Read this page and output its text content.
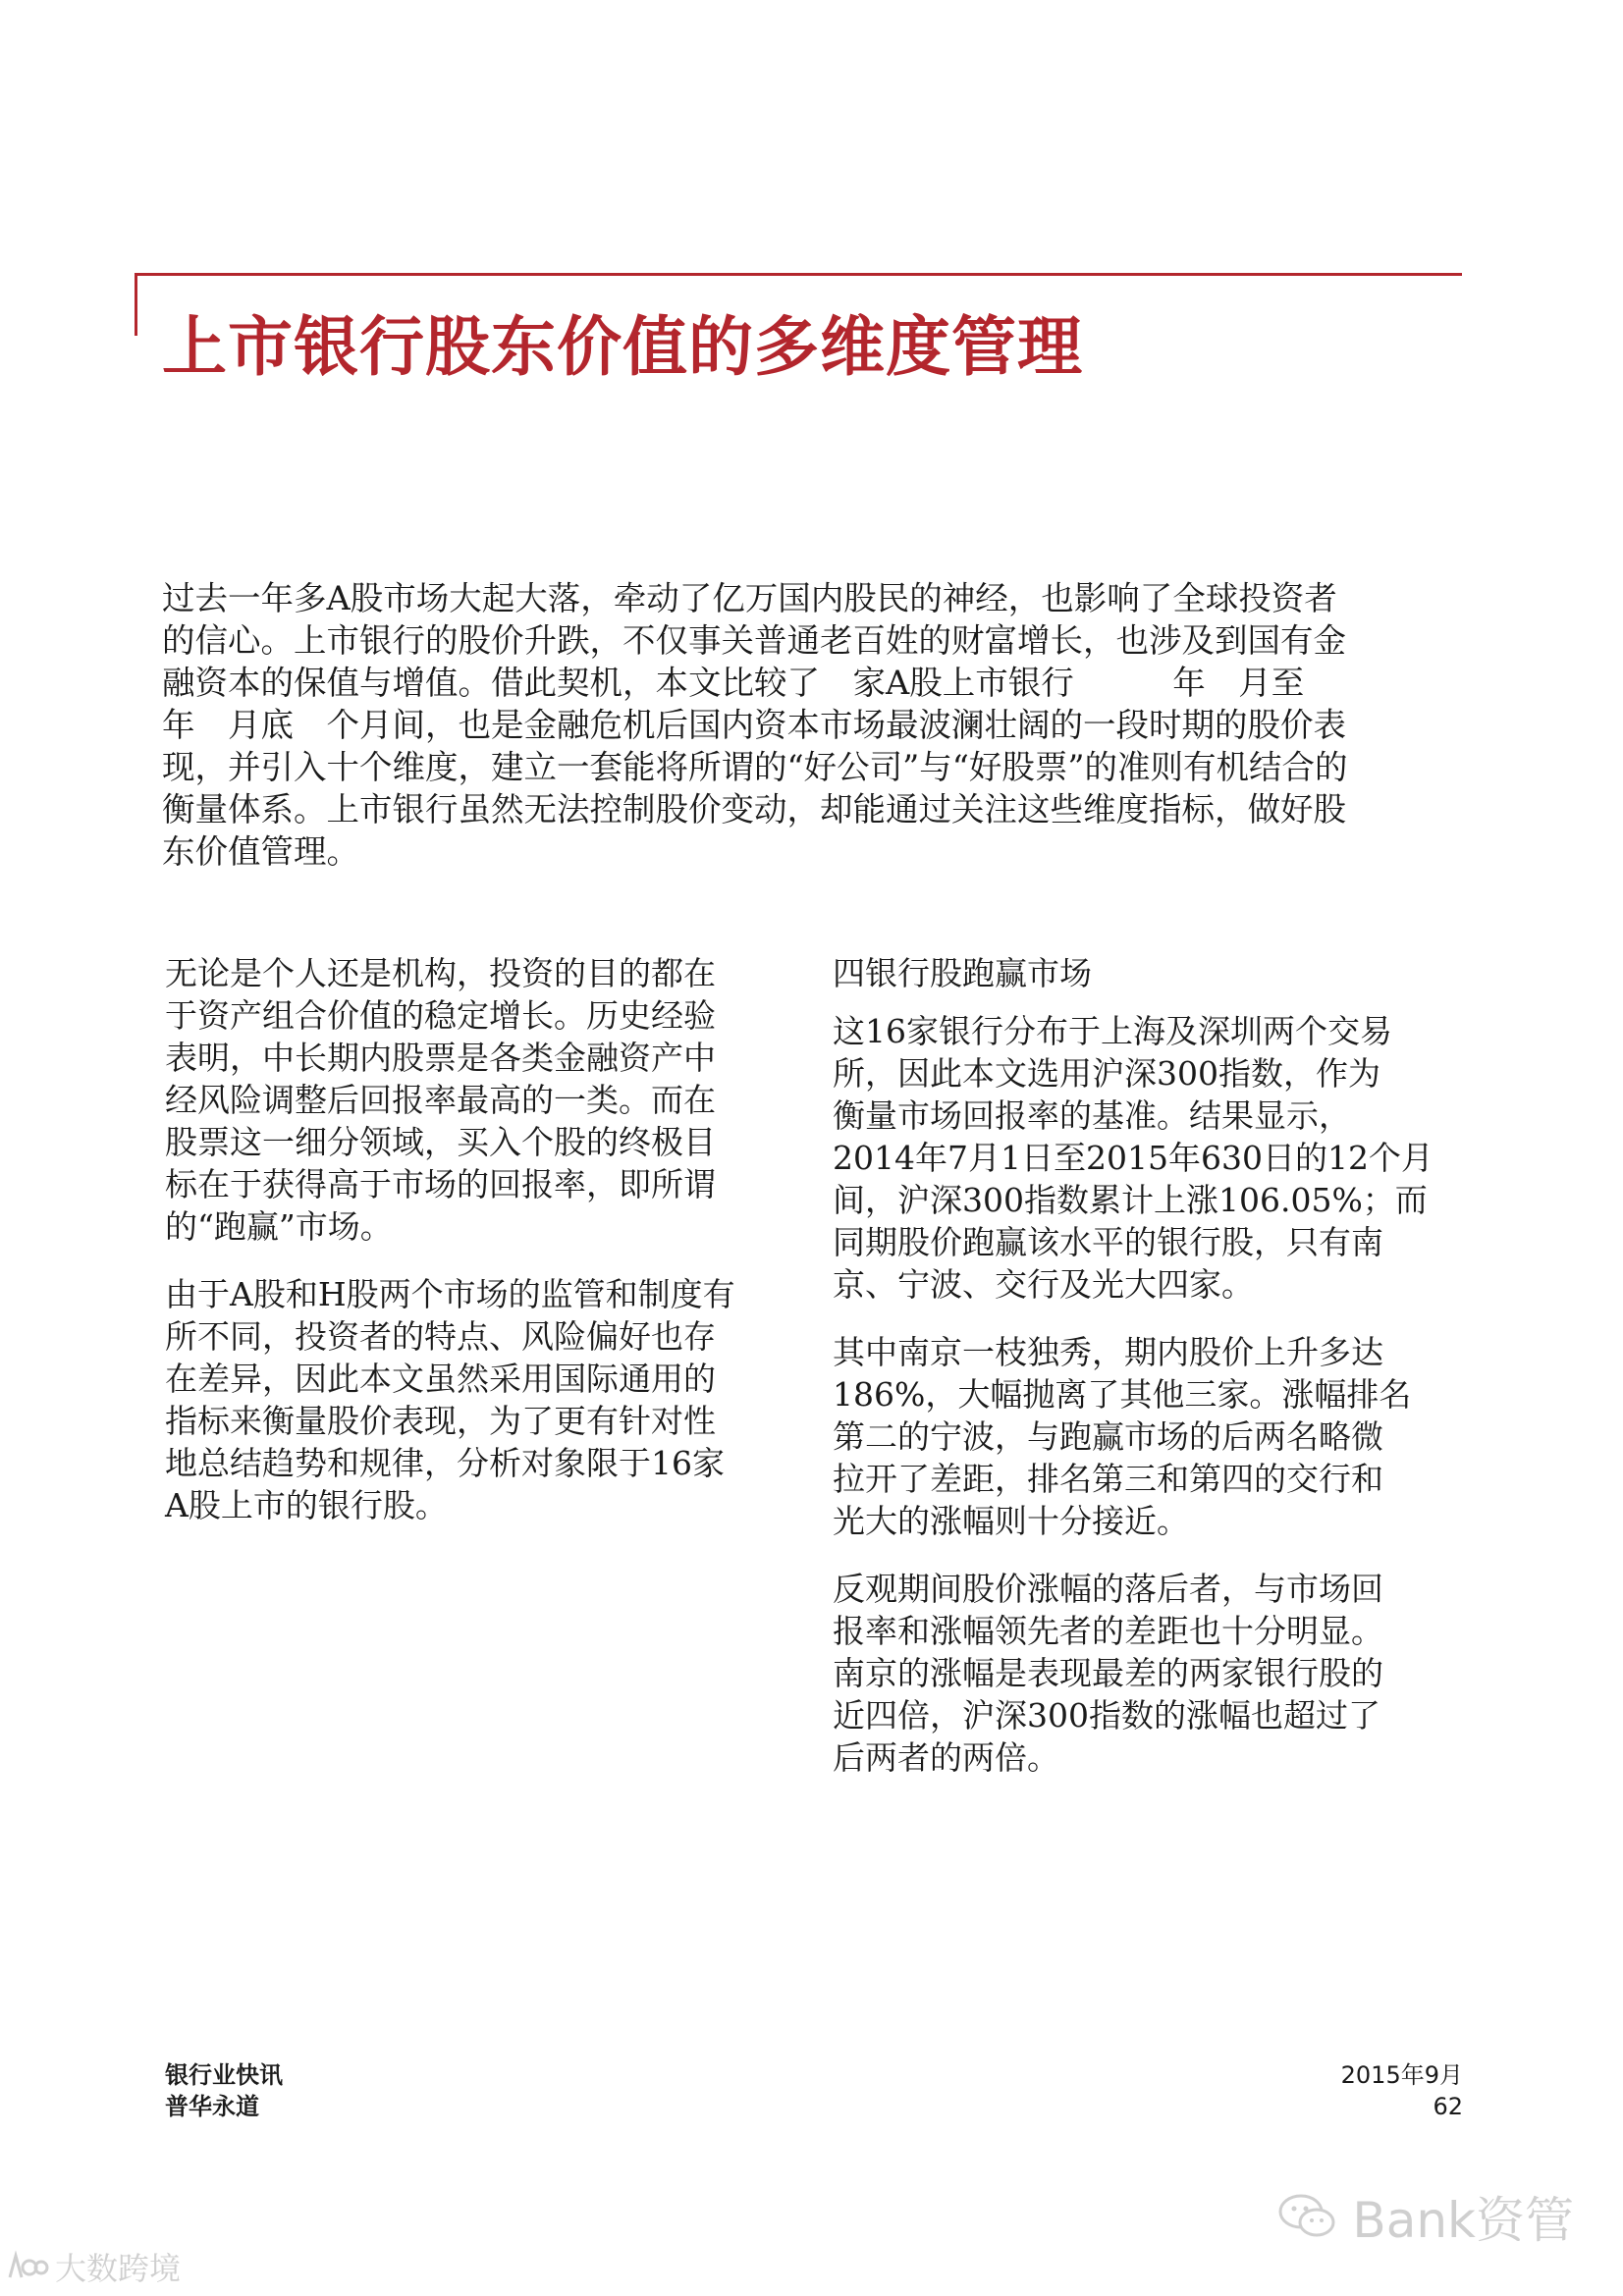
上市银行股东价值的多维度管理
过去一年多A股市场大起大落，牵动了亿万国内股民的神经，也影响了全球投资者
的信心。上市银行的股价升跌，不仅事关普通老百姓的财富增长，也涉及到国有金
融资本的保值与增值。借此契机，本文比较了　家A股上市银行　　　年　月至
年　月底　个月间，也是金融危机后国内资本市场最波澜壮阔的一段时期的股价表
现，并引入十个维度，建立一套能将所谓的“好公司”与“好股票”的准则有机结合的
衡量体系。上市银行虽然无法控制股价变动，却能通过关注这些维度指标，做好股
东价值管理。

无论是个人还是机构，投资的目的都在
于资产组合价值的稳定增长。历史经验
表明，中长期内股票是各类金融资产中
经风险调整后回报率最高的一类。而在
股票这一细分领域，买入个股的终极目
标在于获得高于市场的回报率，即所谓
的“跑赢”市场。

由于A股和H股两个市场的监管和制度有
所不同，投资者的特点、风险偏好也存
在差异，因此本文虽然采用国际通用的
指标来衡量股价表现，为了更有针对性
地总结趋势和规律，分析对象限于16家
A股上市的银行股。

四银行股跑赢市场

这16家银行分布于上海及深圳两个交易
所，因此本文选用沪深300指数，作为
衡量市场回报率的基准。结果显示，
2014年7月1日至2015年630日的12个月
间，沪深300指数累计上涨106.05%；而
同期股价跑赢该水平的银行股，只有南
京、宁波、交行及光大四家。

其中南京一枝独秀，期内股价上升多达
186%，大幅抛离了其他三家。涨幅排名
第二的宁波，与跑赢市场的后两名略微
拉开了差距，排名第三和第四的交行和
光大的涨幅则十分接近。

反观期间股价涨幅的落后者，与市场回
报率和涨幅领先者的差距也十分明显。
南京的涨幅是表现最差的两家银行股的
近四倍，沪深300指数的涨幅也超过了
后两者的两倍。

银行业快讯
普华永道
2015年9月
62
大数跨境
Bank资管
